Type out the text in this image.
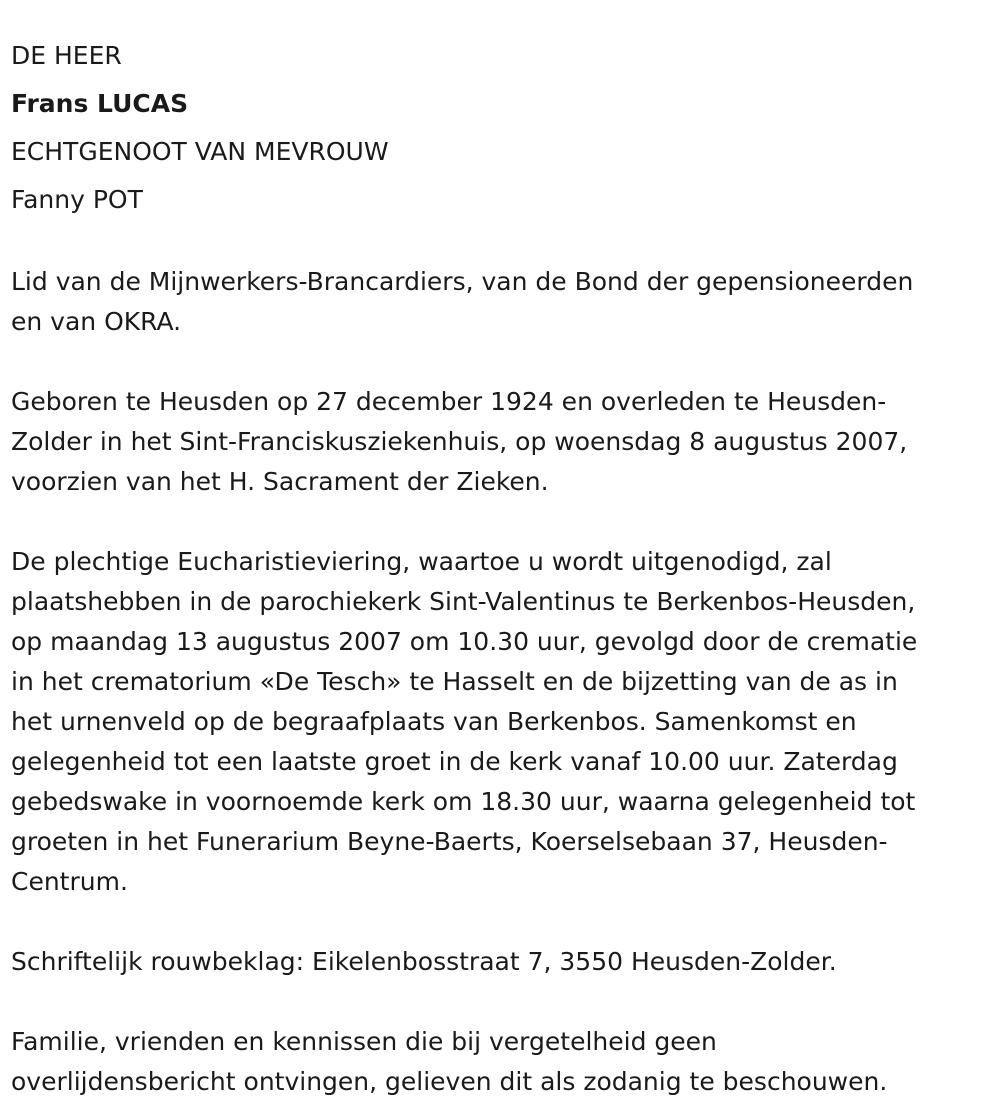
DE HEER
Frans LUCAS
ECHTGENOOT VAN MEVROUW
Fanny POT
Lid van de Mijnwerkers-Brancardiers, van de Bond der gepensioneerden
en van OKRA.
Geboren te Heusden op 27 december 1924 en overleden te Heusden-
Zolder in het Sint-Franciskusziekenhuis, op woensdag 8 augustus 2007,
voorzien van het H. Sacrament der Zieken.
De plechtige Eucharistieviering, waartoe u wordt uitgenodigd, zal
plaatshebben in de parochiekerk Sint-Valentinus te Berkenbos-Heusden,
op maandag 13 augustus 2007 om 10.30 uur, gevolgd door de crematie
in het crematorium «De Tesch» te Hasselt en de bijzetting van de as in
het urnenveld op de begraafplaats van Berkenbos. Samenkomst en
gelegenheid tot een laatste groet in de kerk vanaf 10.00 uur. Zaterdag
gebedswake in voornoemde kerk om 18.30 uur, waarna gelegenheid tot
groeten in het Funerarium Beyne-Baerts, Koerselsebaan 37, Heusden-
Centrum.
Schriftelijk rouwbeklag: Eikelenbosstraat 7, 3550 Heusden-Zolder.
Familie, vrienden en kennissen die bij vergetelheid geen
overlijdensbericht ontvingen, gelieven dit als zodanig te beschouwen.
